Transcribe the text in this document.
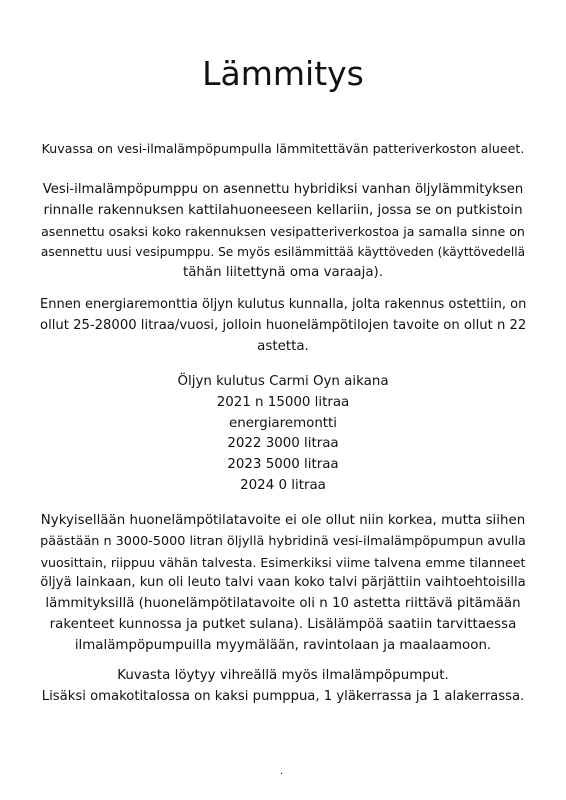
Lämmitys

Kuvassa on vesi-ilmalämpöpumpulla lämmitettävän patteriverkoston alueet.

Vesi-ilmalämpöpumppu on asennettu hybridiksi vanhan öljylämmityksen
rinnalle rakennuksen kattilahuoneeseen kellariin, jossa se on putkistoin
asennettu osaksi koko rakennuksen vesipatteriverkostoa ja samalla sinne on
asennettu uusi vesipumppu. Se myös esilämmittää käyttöveden (käyttövedellä
tähän liitettynä oma varaaja).

Ennen energiaremonttia öljyn kulutus kunnalla, jolta rakennus ostettiin, on
ollut 25-28000 litraa/vuosi, jolloin huonelämpötilojen tavoite on ollut n 22
astetta.

Öljyn kulutus Carmi Oyn aikana
2021 n 15000 litraa
energiaremontti
2022 3000 litraa
2023 5000 litraa
2024 0 litraa

Nykyisellään huonelämpötilatavoite ei ole ollut niin korkea, mutta siihen
päästään n 3000-5000 litran öljyllä hybridinä vesi-ilmalämpöpumpun avulla
vuosittain, riippuu vähän talvesta. Esimerkiksi viime talvena emme tilanneet
öljyä lainkaan, kun oli leuto talvi vaan koko talvi pärjättiin vaihtoehtoisilla
lämmityksillä (huonelämpötilatavoite oli n 10 astetta riittävä pitämään
rakenteet kunnossa ja putket sulana). Lisälämpöä saatiin tarvittaessa
ilmalämpöpumpuilla myymälään, ravintolaan ja maalaamoon.

Kuvasta löytyy vihreällä myös ilmalämpöpumput.
Lisäksi omakotitalossa on kaksi pumppua, 1 yläkerrassa ja 1 alakerrassa.

.
